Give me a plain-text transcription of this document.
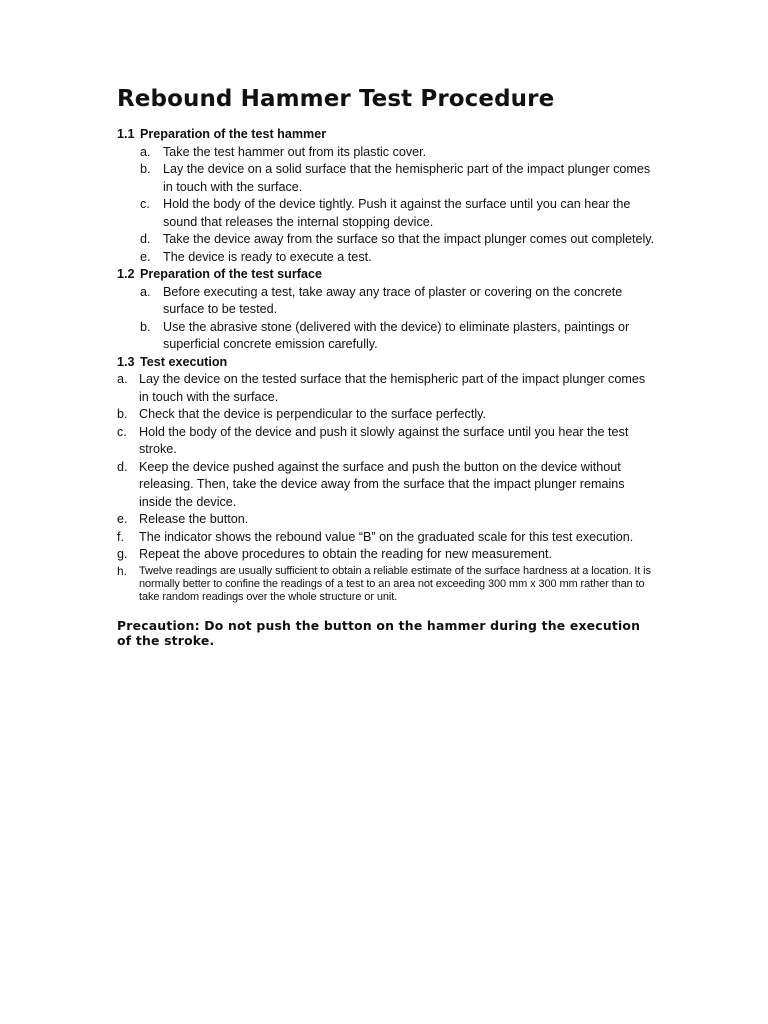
Rebound Hammer Test Procedure
1.1 Preparation of the test hammer
a. Take the test hammer out from its plastic cover.
b. Lay the device on a solid surface that the hemispheric part of the impact plunger comes in touch with the surface.
c.	Hold the body of the device tightly. Push it against the surface until you can hear the sound that releases the internal stopping device.
d. Take the device away from the surface so that the impact plunger comes out completely.
e. The device is ready to execute a test.
1.2 Preparation of the test surface
a. Before executing a test, take away any trace of plaster or covering on the concrete surface to be tested.
b. Use the abrasive stone (delivered with the device) to eliminate plasters, paintings or superficial concrete emission carefully.
1.3 Test execution
a. Lay the device on the tested surface that the hemispheric part of the impact plunger comes in touch with the surface.
b. Check that the device is perpendicular to the surface perfectly.
c. Hold the body of the device and push it slowly against the surface until you hear the test stroke.
d. Keep the device pushed against the surface and push the button on the device without releasing. Then, take the device away from the surface that the impact plunger remains inside the device.
e. Release the button.
f.	The indicator shows the rebound value “B” on the graduated scale for this test execution.
g. Repeat the above procedures to obtain the reading for new measurement.
h.	Twelve readings are usually sufficient to obtain a reliable estimate of the surface hardness at a location. It is normally better to confine the readings of a test to an area not exceeding 300 mm x 300 mm rather than to take random readings over the whole structure or unit.
Precaution: Do not push the button on the hammer during the execution of the stroke.
